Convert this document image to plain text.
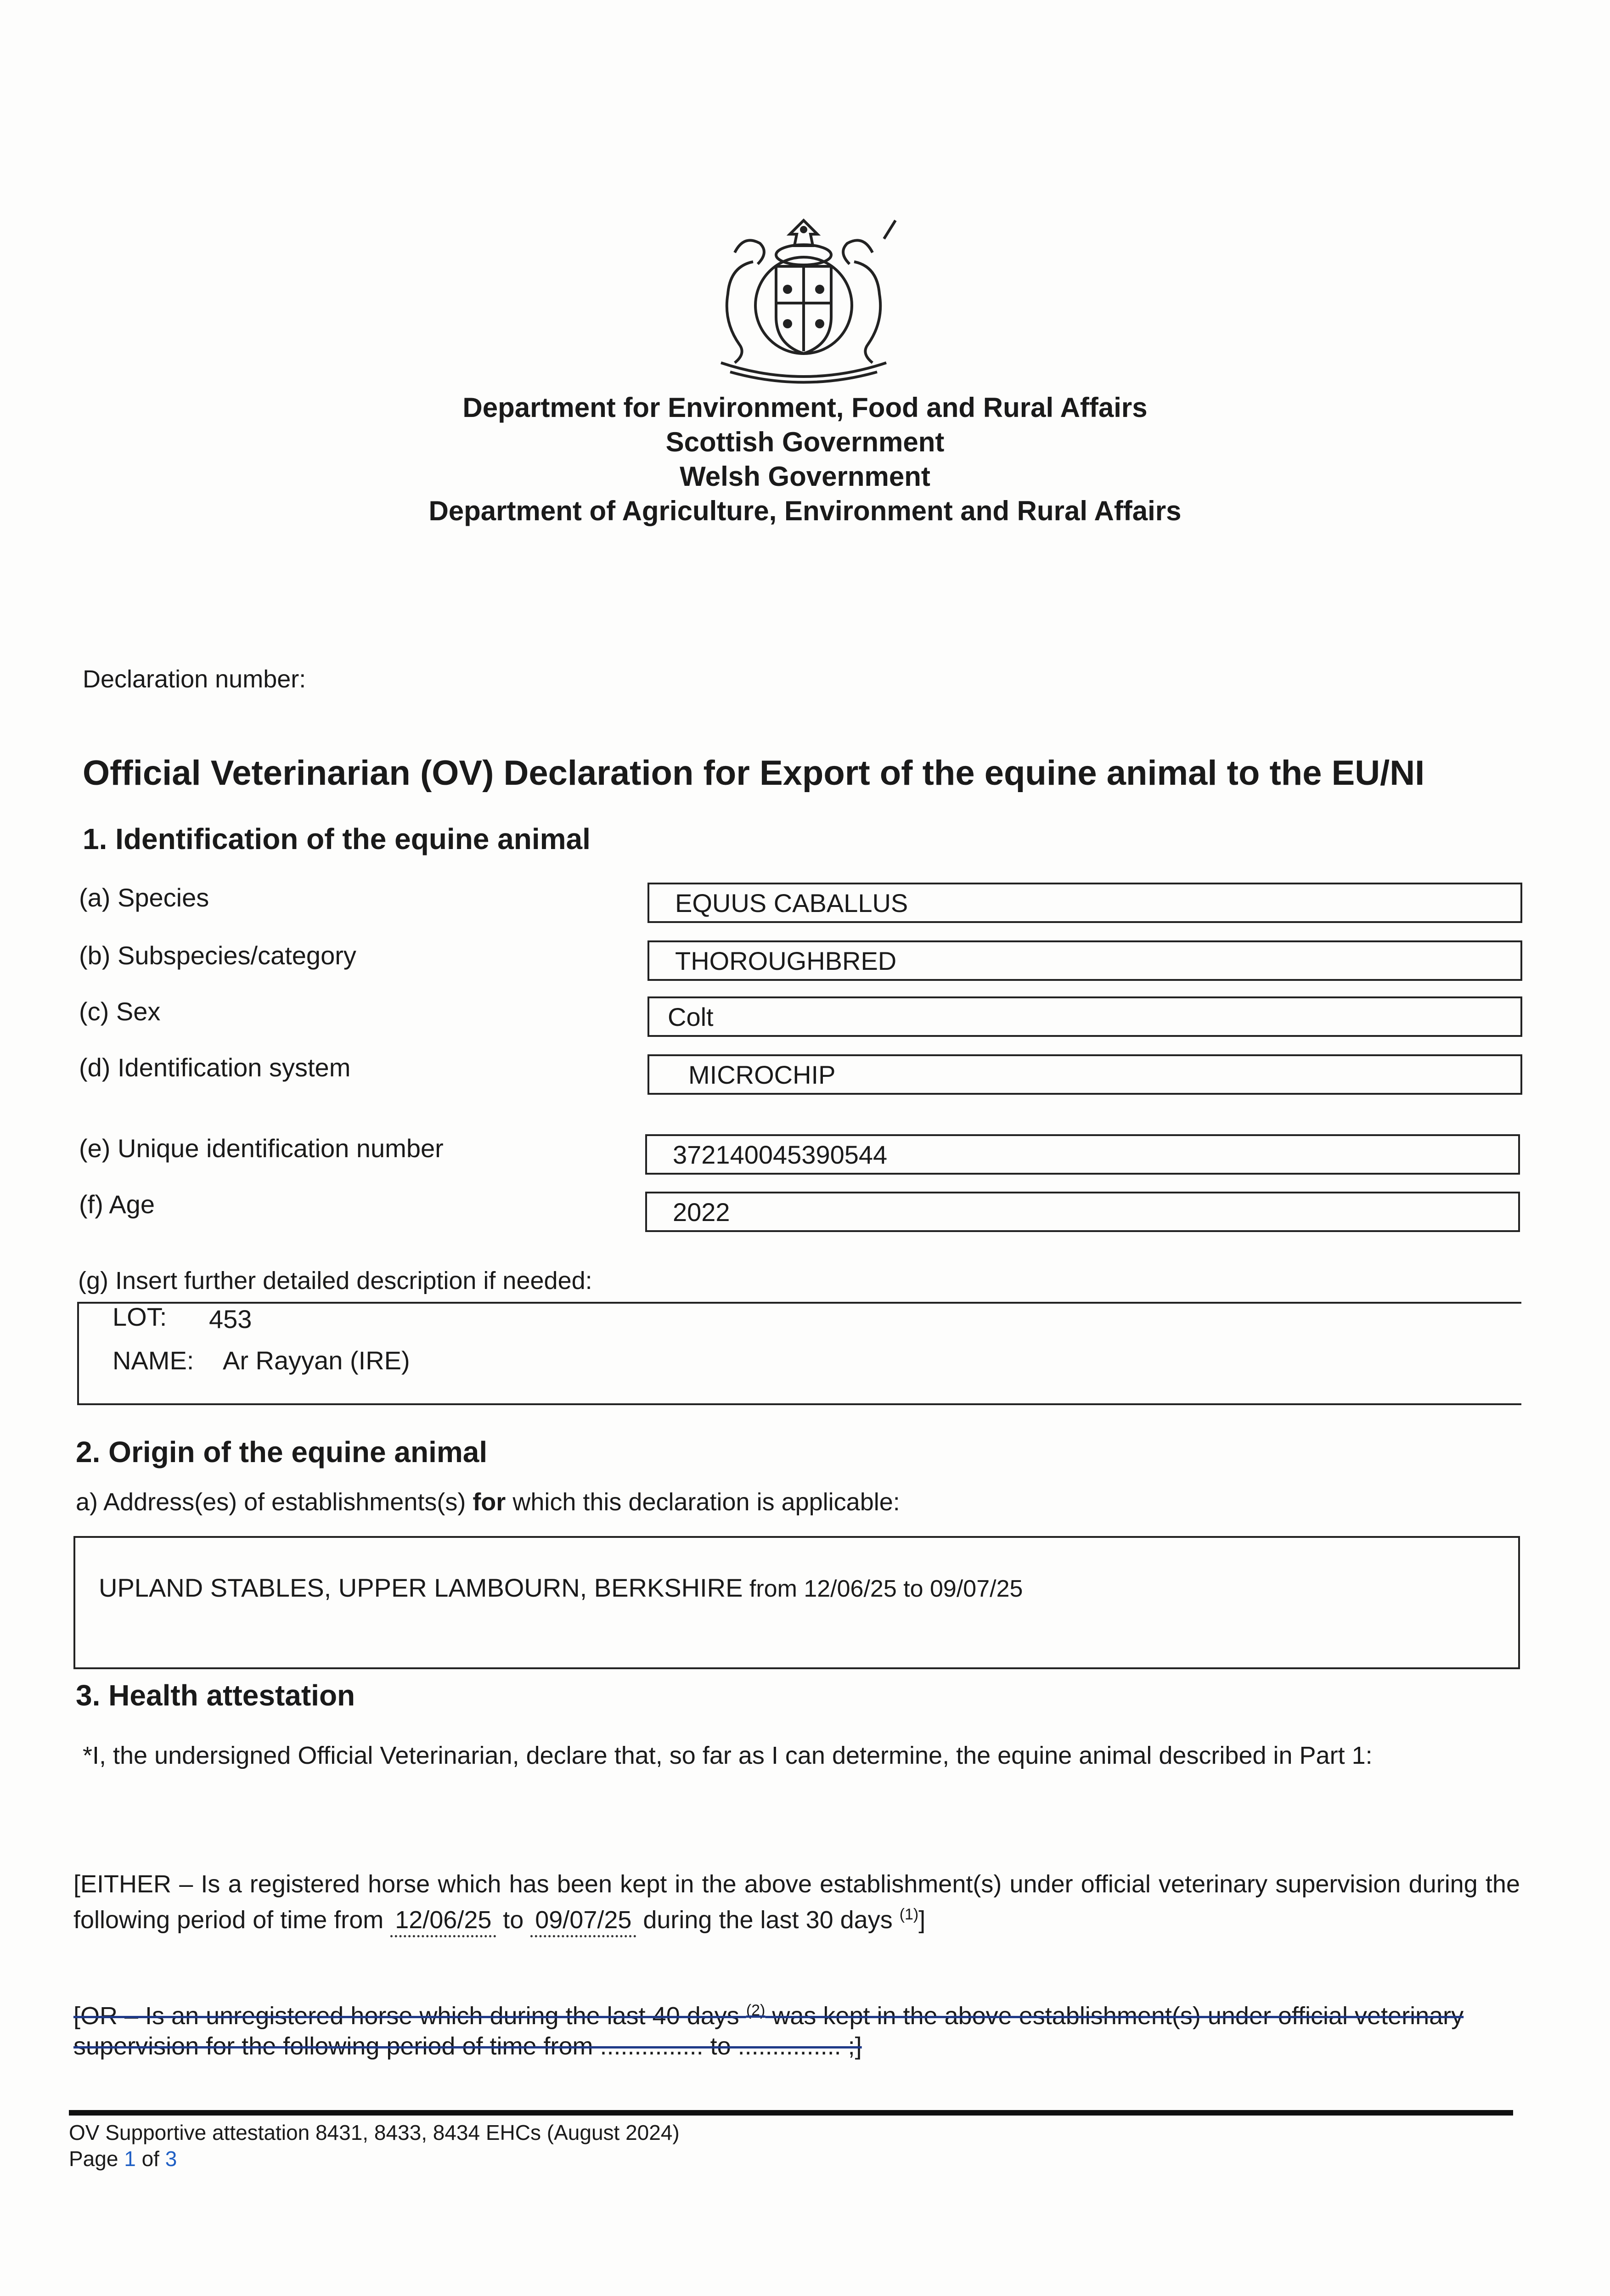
Department for Environment, Food and Rural Affairs
Scottish Government
Welsh Government
Department of Agriculture, Environment and Rural Affairs
Declaration number:
Official Veterinarian (OV) Declaration for Export of the equine animal to the EU/NI
1. Identification of the equine animal
(a) Species	EQUUS CABALLUS
(b) Subspecies/category	THOROUGHBRED
(c) Sex	Colt
(d) Identification system	MICROCHIP
(e) Unique identification number	372140045390544
(f) Age	2022
(g) Insert further detailed description if needed:
LOT: 453
NAME: Ar Rayyan (IRE)
2. Origin of the equine animal
a) Address(es) of establishments(s) for which this declaration is applicable:
UPLAND STABLES, UPPER LAMBOURN, BERKSHIRE from 12/06/25 to 09/07/25
3. Health attestation
*I, the undersigned Official Veterinarian, declare that, so far as I can determine, the equine animal described in Part 1:
[EITHER – Is a registered horse which has been kept in the above establishment(s) under official veterinary supervision during the following period of time from 12/06/25 to 09/07/25 during the last 30 days $^{(1)}$]
[OR – Is an unregistered horse which during the last 40 days $^{(2)}$ was kept in the above establishment(s) under official veterinary supervision for the following period of time from ............... to ............... ;]
OV Supportive attestation 8431, 8433, 8434 EHCs (August 2024)
Page 1 of 3
